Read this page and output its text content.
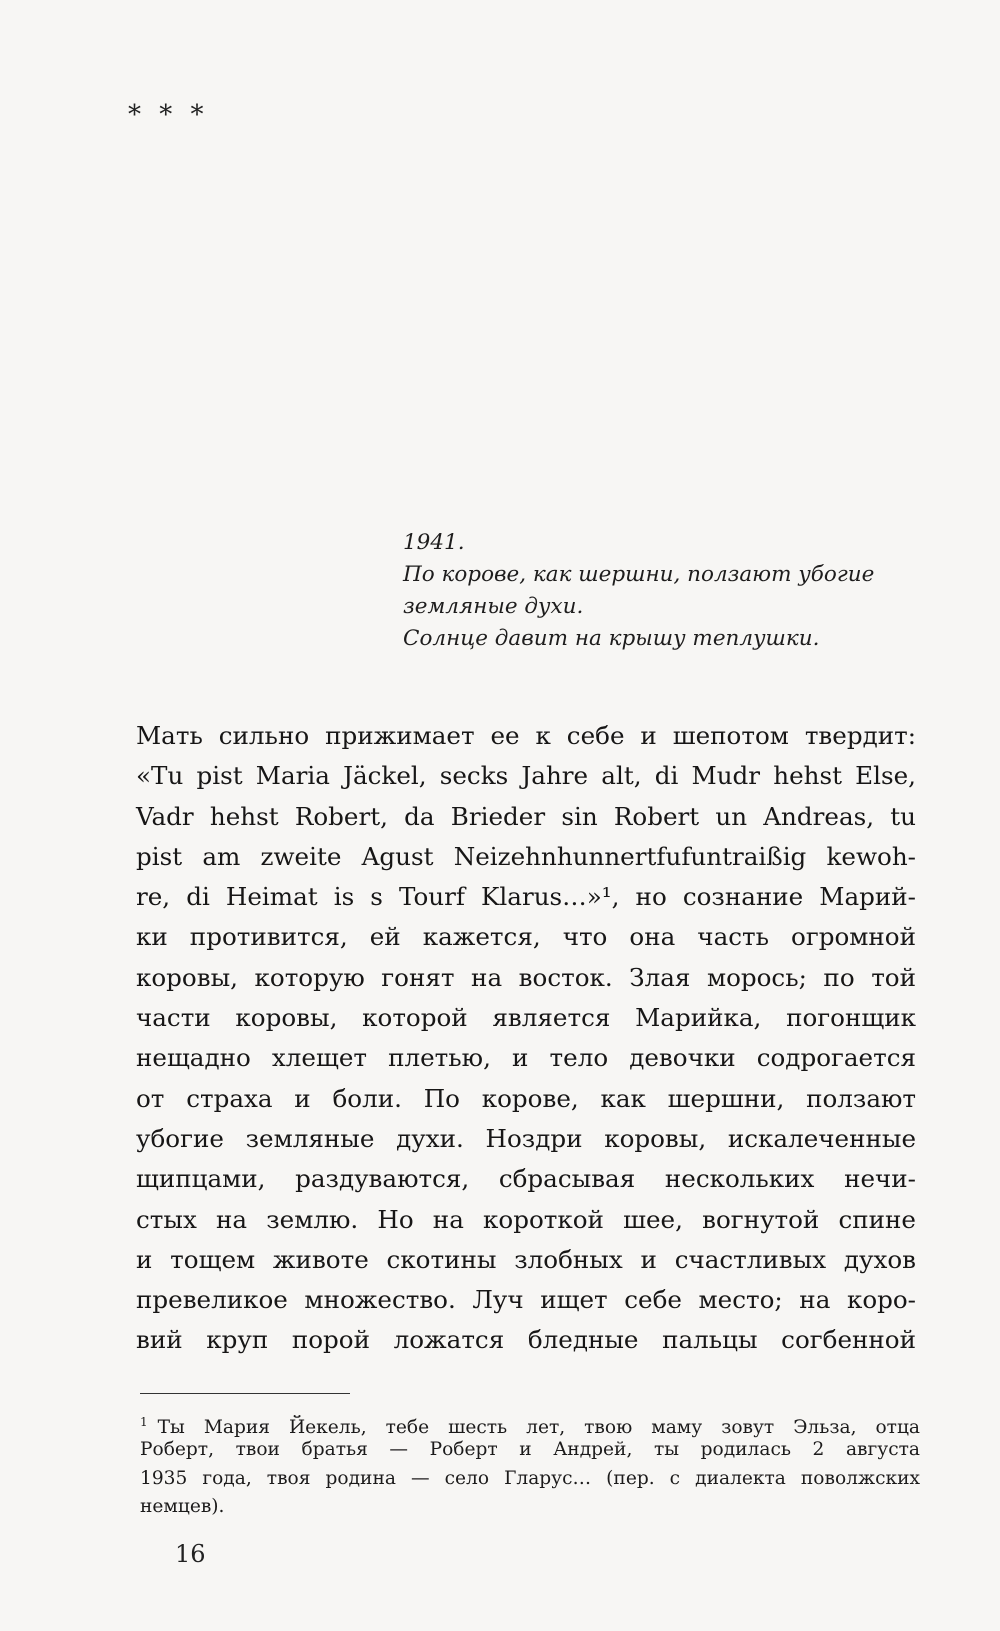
* * *
1941.
По корове, как шершни, ползают убогие
земляные духи.
Солнце давит на крышу теплушки.
Мать сильно прижимает ее к себе и шепотом твердит:
«Tu pist Maria Jäckel, secks Jahre alt, di Mudr hehst Else,
Vadr hehst Robert, da Brieder sin Robert un Andreas, tu
pist am zweite Agust Neizehnhunnertfufuntraißig kewoh-
re, di Heimat is s Tourf Klarus…»¹, но сознание Марий-
ки противится, ей кажется, что она часть огромной
коровы, которую гонят на восток. Злая морось; по той
части коровы, которой является Марийка, погонщик
нещадно хлещет плетью, и тело девочки содрогается
от страха и боли. По корове, как шершни, ползают
убогие земляные духи. Ноздри коровы, искалеченные
щипцами, раздуваются, сбрасывая нескольких нечи-
стых на землю. Но на короткой шее, вогнутой спине
и тощем животе скотины злобных и счастливых духов
превеликое множество. Луч ищет себе место; на коро-
вий круп порой ложатся бледные пальцы согбенной
$^1$ Ты Мария Йекель, тебе шесть лет, твою маму зовут Эльза, отца
Роберт, твои братья — Роберт и Андрей, ты родилась 2 августа
1935 года, твоя родина — село Гларус… (пер. с диалекта поволжских
немцев).
16
